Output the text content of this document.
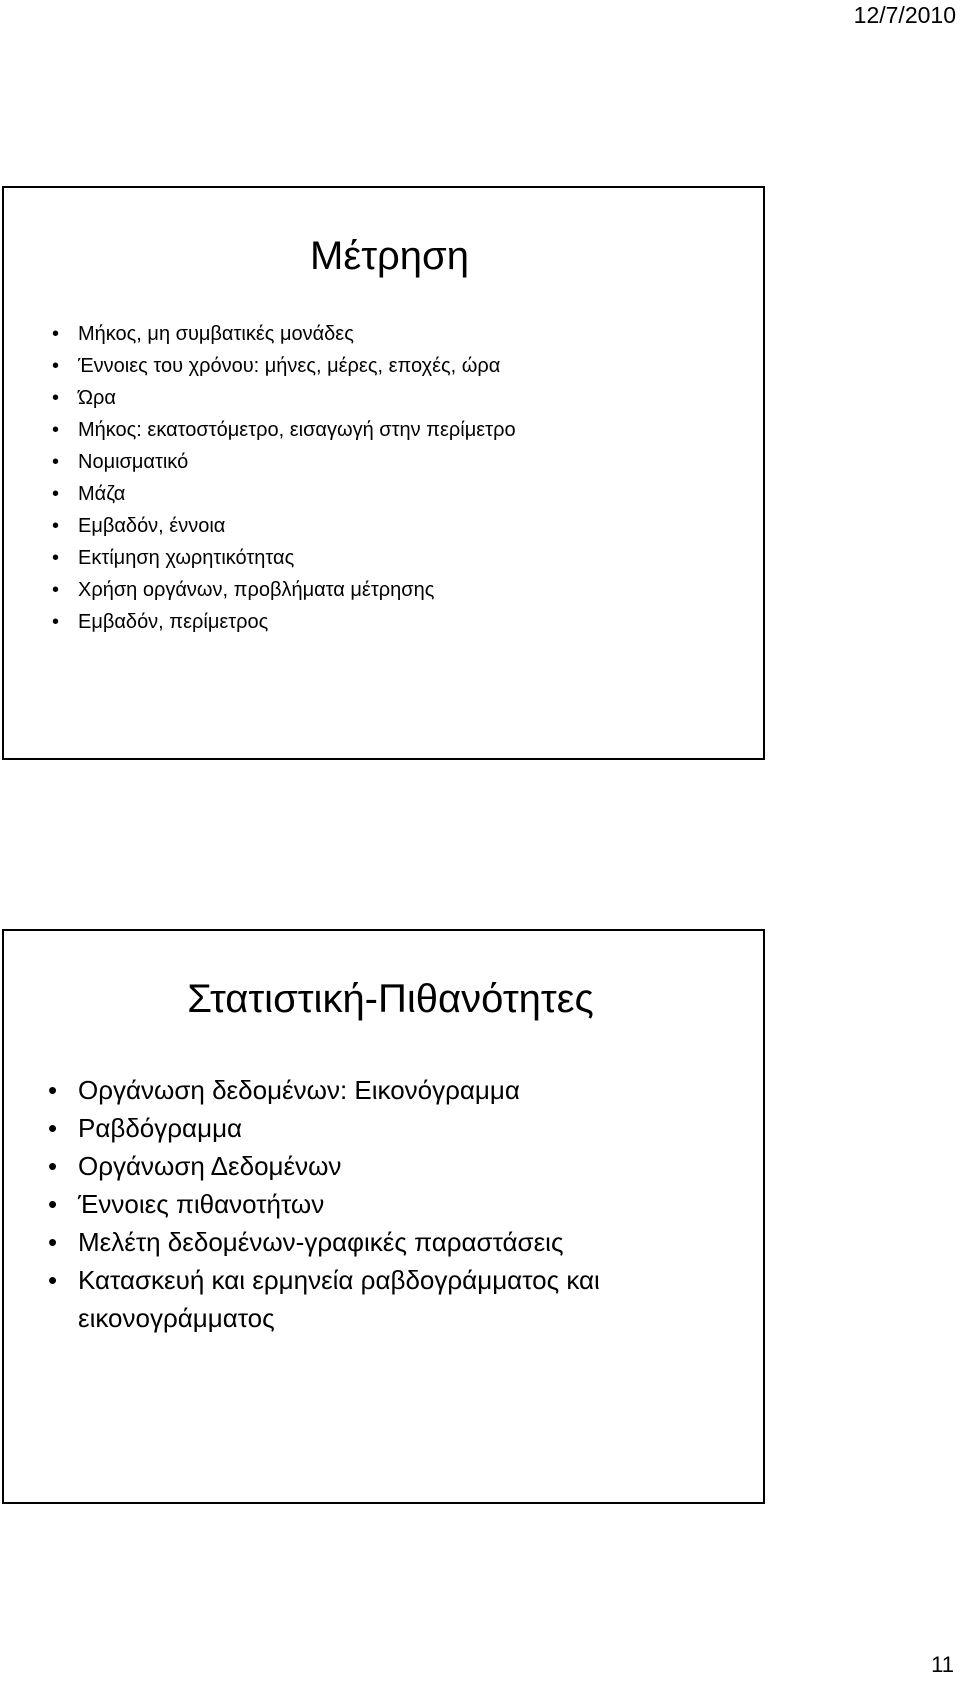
12/7/2010
Μέτρηση
• Μήκος, μη συμβατικές μονάδες
• Έννοιες του χρόνου: μήνες, μέρες, εποχές, ώρα
• Ώρα
• Μήκος: εκατοστόμετρο, εισαγωγή στην περίμετρο
• Νομισματικό
• Μάζα
• Εμβαδόν, έννοια
• Εκτίμηση χωρητικότητας
• Χρήση οργάνων, προβλήματα μέτρησης
• Εμβαδόν, περίμετρος
Στατιστική-Πιθανότητες
• Οργάνωση δεδομένων: Εικονόγραμμα
• Ραβδόγραμμα
• Οργάνωση Δεδομένων
• Έννοιες πιθανοτήτων
• Μελέτη δεδομένων-γραφικές παραστάσεις
• Κατασκευή και ερμηνεία ραβδογράμματος και εικονογράμματος
11
